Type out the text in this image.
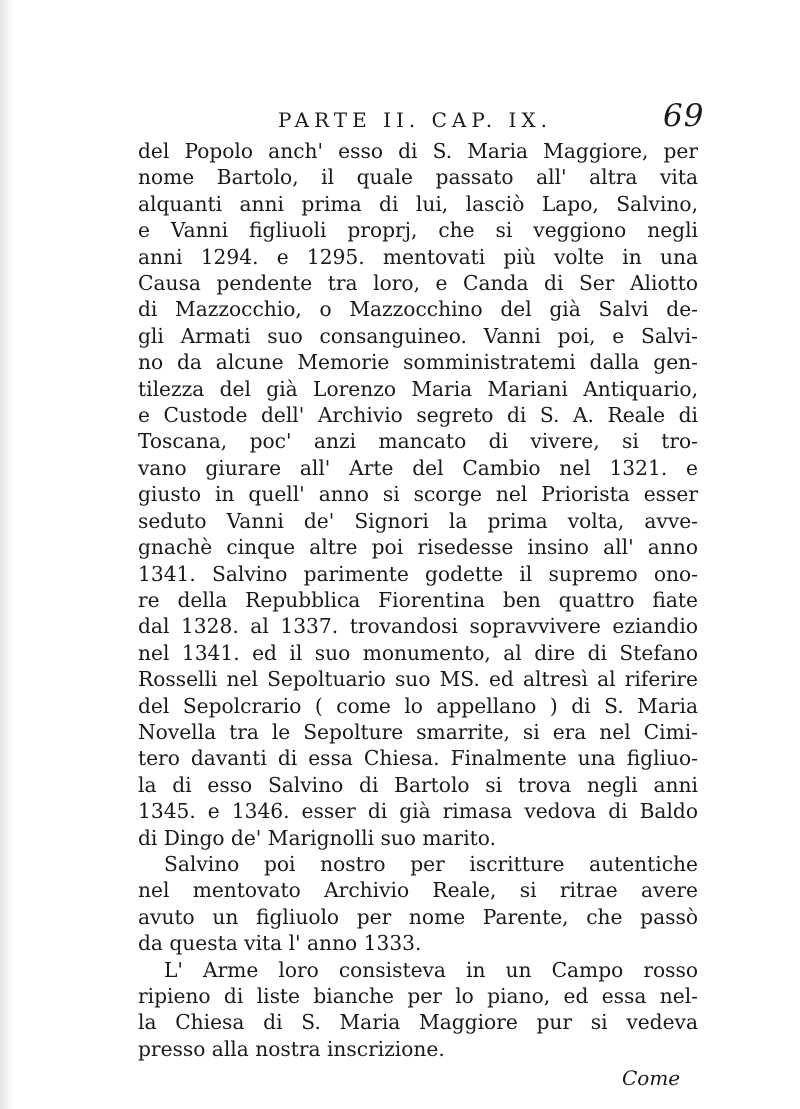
PARTE II. CAP. IX.	69
del Popolo anch' esso di S. Maria Maggiore, per
nome Bartolo, il quale passato all' altra vita
alquanti anni prima di lui, lasciò Lapo, Salvino,
e Vanni figliuoli proprj, che si veggiono negli
anni 1294. e 1295. mentovati più volte in una
Causa pendente tra loro, e Canda di Ser Aliotto
di Mazzocchio, o Mazzocchino del già Salvi de-
gli Armati suo consanguineo. Vanni poi, e Salvi-
no da alcune Memorie somministratemi dalla gen-
tilezza del già Lorenzo Maria Mariani Antiquario,
e Custode dell' Archivio segreto di S. A. Reale di
Toscana, poc' anzi mancato di vivere, si tro-
vano giurare all' Arte del Cambio nel 1321. e
giusto in quell' anno si scorge nel Priorista esser
seduto Vanni de' Signori la prima volta, avve-
gnachè cinque altre poi risedesse insino all' anno
1341. Salvino parimente godette il supremo ono-
re della Repubblica Fiorentina ben quattro fiate
dal 1328. al 1337. trovandosi sopravvivere eziandio
nel 1341. ed il suo monumento, al dire di Stefano
Rosselli nel Sepoltuario suo MS. ed altresì al riferire
del Sepolcrario ( come lo appellano ) di S. Maria
Novella tra le Sepolture smarrite, si era nel Cimi-
tero davanti di essa Chiesa. Finalmente una figliuo-
la di esso Salvino di Bartolo si trova negli anni
1345. e 1346. esser di già rimasa vedova di Baldo
di Dingo de' Marignolli suo marito.
Salvino poi nostro per iscritture autentiche
nel mentovato Archivio Reale, si ritrae avere
avuto un figliuolo per nome Parente, che passò
da questa vita l' anno 1333.
L' Arme loro consisteva in un Campo rosso
ripieno di liste bianche per lo piano, ed essa nel-
la Chiesa di S. Maria Maggiore pur si vedeva
presso alla nostra inscrizione.
Come
